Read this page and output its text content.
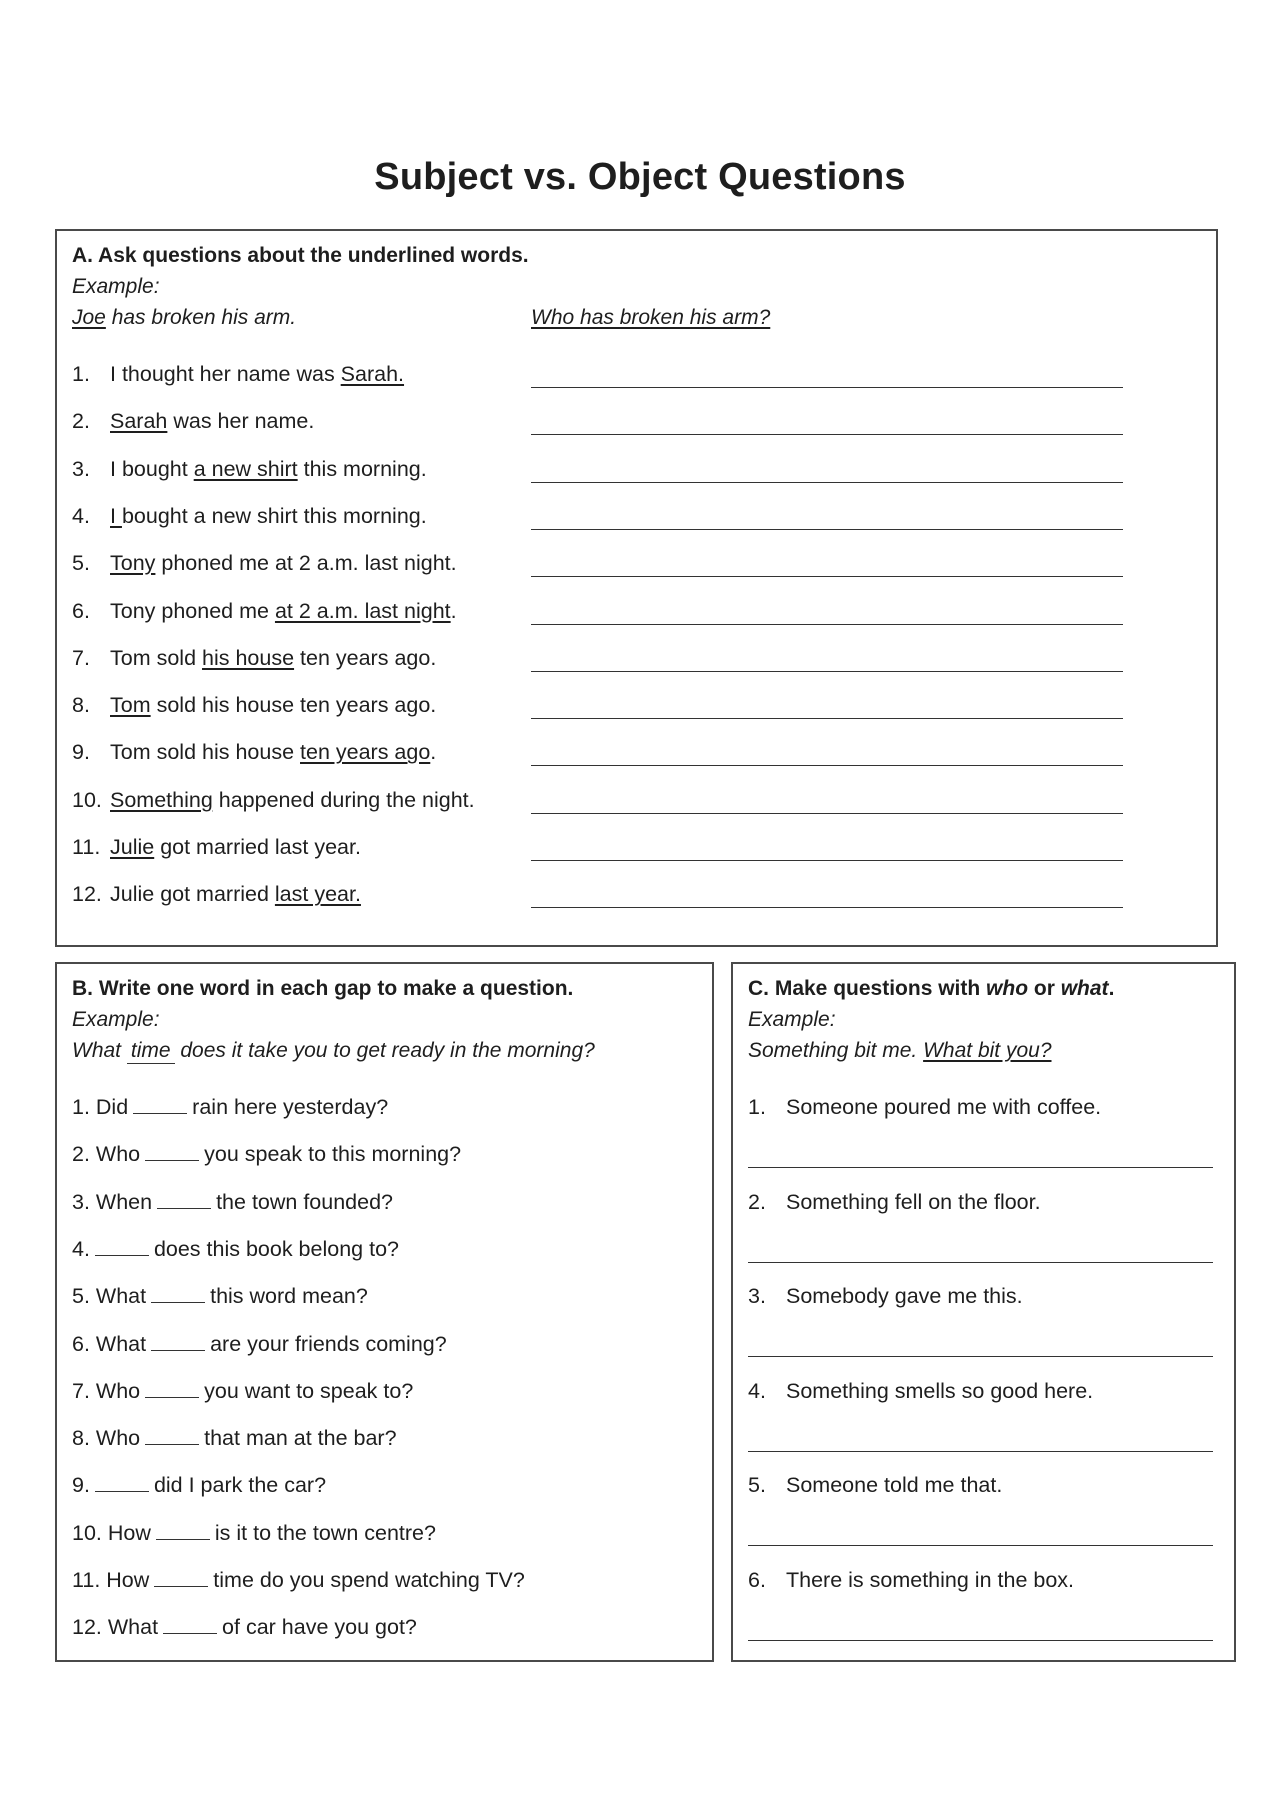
Subject vs. Object Questions
A. Ask questions about the underlined words.
Example:
Joe has broken his arm.	Who has broken his arm?
1. I thought her name was Sarah.
2. Sarah was her name.
3. I bought a new shirt this morning.
4. I bought a new shirt this morning.
5. Tony phoned me at 2 a.m. last night.
6. Tony phoned me at 2 a.m. last night.
7. Tom sold his house ten years ago.
8. Tom sold his house ten years ago.
9. Tom sold his house ten years ago.
10. Something happened during the night.
11. Julie got married last year.
12. Julie got married last year.
B. Write one word in each gap to make a question.
Example:
What time does it take you to get ready in the morning?
1. Did	rain here yesterday?
2. Who	you speak to this morning?
3. When	the town founded?
4.	does this book belong to?
5. What	this word mean?
6. What	are your friends coming?
7. Who	you want to speak to?
8. Who	that man at the bar?
9.	did I park the car?
10. How	is it to the town centre?
11. How	time do you spend watching TV?
12. What	of car have you got?
C. Make questions with who or what.
Example:
Something bit me. What bit you?
1. Someone poured me with coffee.
2. Something fell on the floor.
3. Somebody gave me this.
4. Something smells so good here.
5. Someone told me that.
6. There is something in the box.
